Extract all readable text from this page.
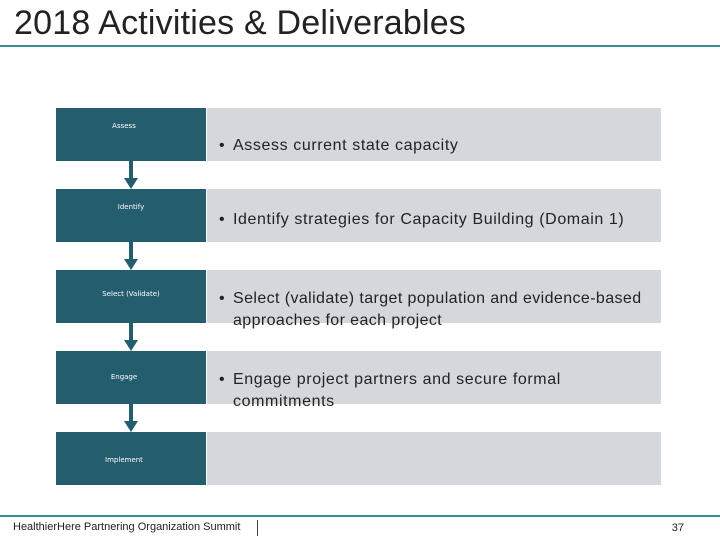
2018 Activities & Deliverables
Assess
• Assess current state capacity
Identify
• Identify strategies for Capacity Building (Domain 1)
Select (Validate)	• Select (validate) target population and evidence-based approaches for each project
Engage	• Engage project partners and secure formal commitments
Implement
HealthierHere Partnering Organization Summit	37
